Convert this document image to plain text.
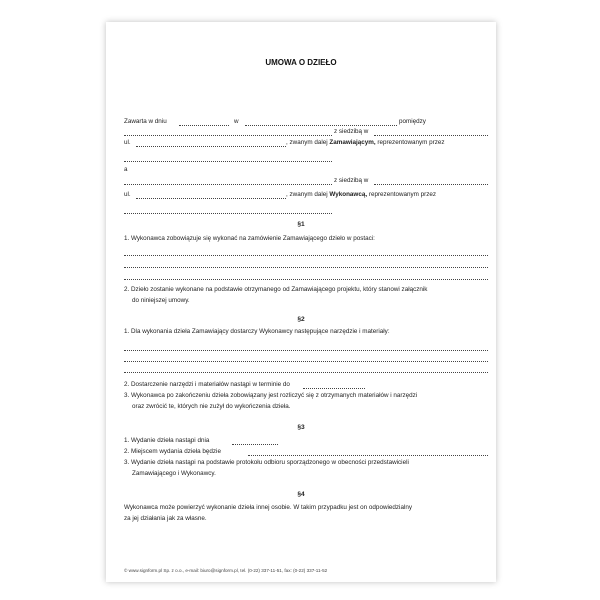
UMOWA O DZIEŁO
Zawarta w dniu	w	pomiędzy
z siedzibą w
ul.	, zwanym dalej Zamawiającym, reprezentowanym przez
a
z siedzibą w
ul.	, zwanym dalej Wykonawcą, reprezentowanym przez
§1
1. Wykonawca zobowiązuje się wykonać na zamówienie Zamawiającego dzieło w postaci:
2. Dzieło zostanie wykonane na podstawie otrzymanego od Zamawiającego projektu, który stanowi załącznik
do niniejszej umowy.
§2
1. Dla wykonania dzieła Zamawiający dostarczy Wykonawcy następujące narzędzie i materiały:
2. Dostarczenie narzędzi i materiałów nastąpi w terminie do
3. Wykonawca po zakończeniu dzieła zobowiązany jest rozliczyć się z otrzymanych materiałów i narzędzi
oraz zwrócić te, których nie zużył do wykończenia dzieła.
§3
1. Wydanie dzieła nastąpi dnia
2. Miejscem wydania dzieła będzie
3. Wydanie dzieła nastąpi na podstawie protokołu odbioru sporządzonego w obecności przedstawicieli
Zamawiającego i Wykonawcy.
§4
Wykonawca może powierzyć wykonanie dzieła innej osobie. W takim przypadku jest on odpowiedzialny
za jej działania jak za własne.
© www.signform.pl Sp. z o.o., e-mail: biuro@signform.pl, tel. (0-22) 337-11-51, fax: (0-22) 337-11-52
